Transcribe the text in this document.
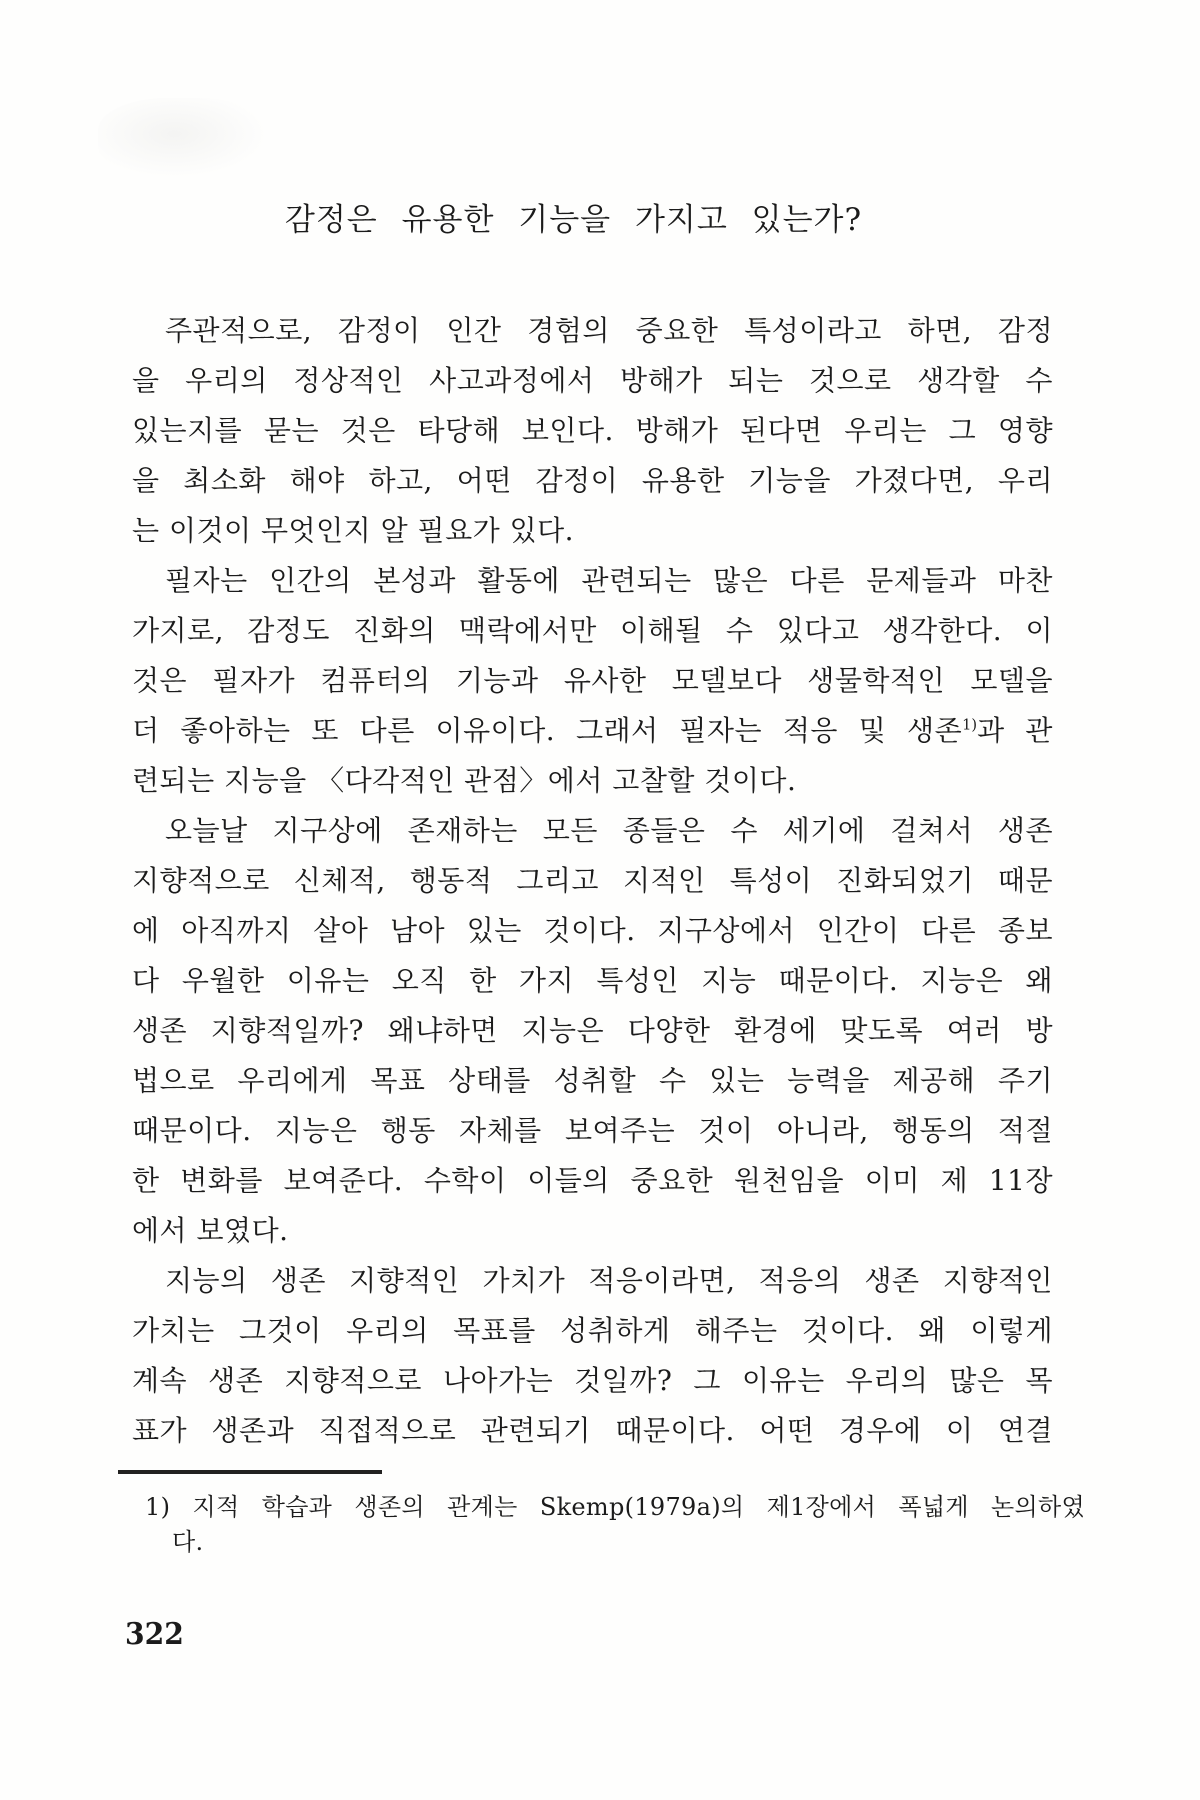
감정은 유용한 기능을 가지고 있는가?
주관적으로, 감정이 인간 경험의 중요한 특성이라고 하면, 감정
을 우리의 정상적인 사고과정에서 방해가 되는 것으로 생각할 수
있는지를 묻는 것은 타당해 보인다. 방해가 된다면 우리는 그 영향
을 최소화 해야 하고, 어떤 감정이 유용한 기능을 가졌다면, 우리
는 이것이 무엇인지 알 필요가 있다.
필자는 인간의 본성과 활동에 관련되는 많은 다른 문제들과 마찬
가지로, 감정도 진화의 맥락에서만 이해될 수 있다고 생각한다. 이
것은 필자가 컴퓨터의 기능과 유사한 모델보다 생물학적인 모델을
더 좋아하는 또 다른 이유이다. 그래서 필자는 적응 및 생존$^{1)}$과 관
련되는 지능을 〈다각적인 관점〉에서 고찰할 것이다.
오늘날 지구상에 존재하는 모든 종들은 수 세기에 걸쳐서 생존
지향적으로 신체적, 행동적 그리고 지적인 특성이 진화되었기 때문
에 아직까지 살아 남아 있는 것이다. 지구상에서 인간이 다른 종보
다 우월한 이유는 오직 한 가지 특성인 지능 때문이다. 지능은 왜
생존 지향적일까? 왜냐하면 지능은 다양한 환경에 맞도록 여러 방
법으로 우리에게 목표 상태를 성취할 수 있는 능력을 제공해 주기
때문이다. 지능은 행동 자체를 보여주는 것이 아니라, 행동의 적절
한 변화를 보여준다. 수학이 이들의 중요한 원천임을 이미 제 11장
에서 보였다.
지능의 생존 지향적인 가치가 적응이라면, 적응의 생존 지향적인
가치는 그것이 우리의 목표를 성취하게 해주는 것이다. 왜 이렇게
계속 생존 지향적으로 나아가는 것일까? 그 이유는 우리의 많은 목
표가 생존과 직접적으로 관련되기 때문이다. 어떤 경우에 이 연결
1) 지적 학습과 생존의 관계는 Skemp(1979a)의 제1장에서 폭넓게 논의하였
다.
322
